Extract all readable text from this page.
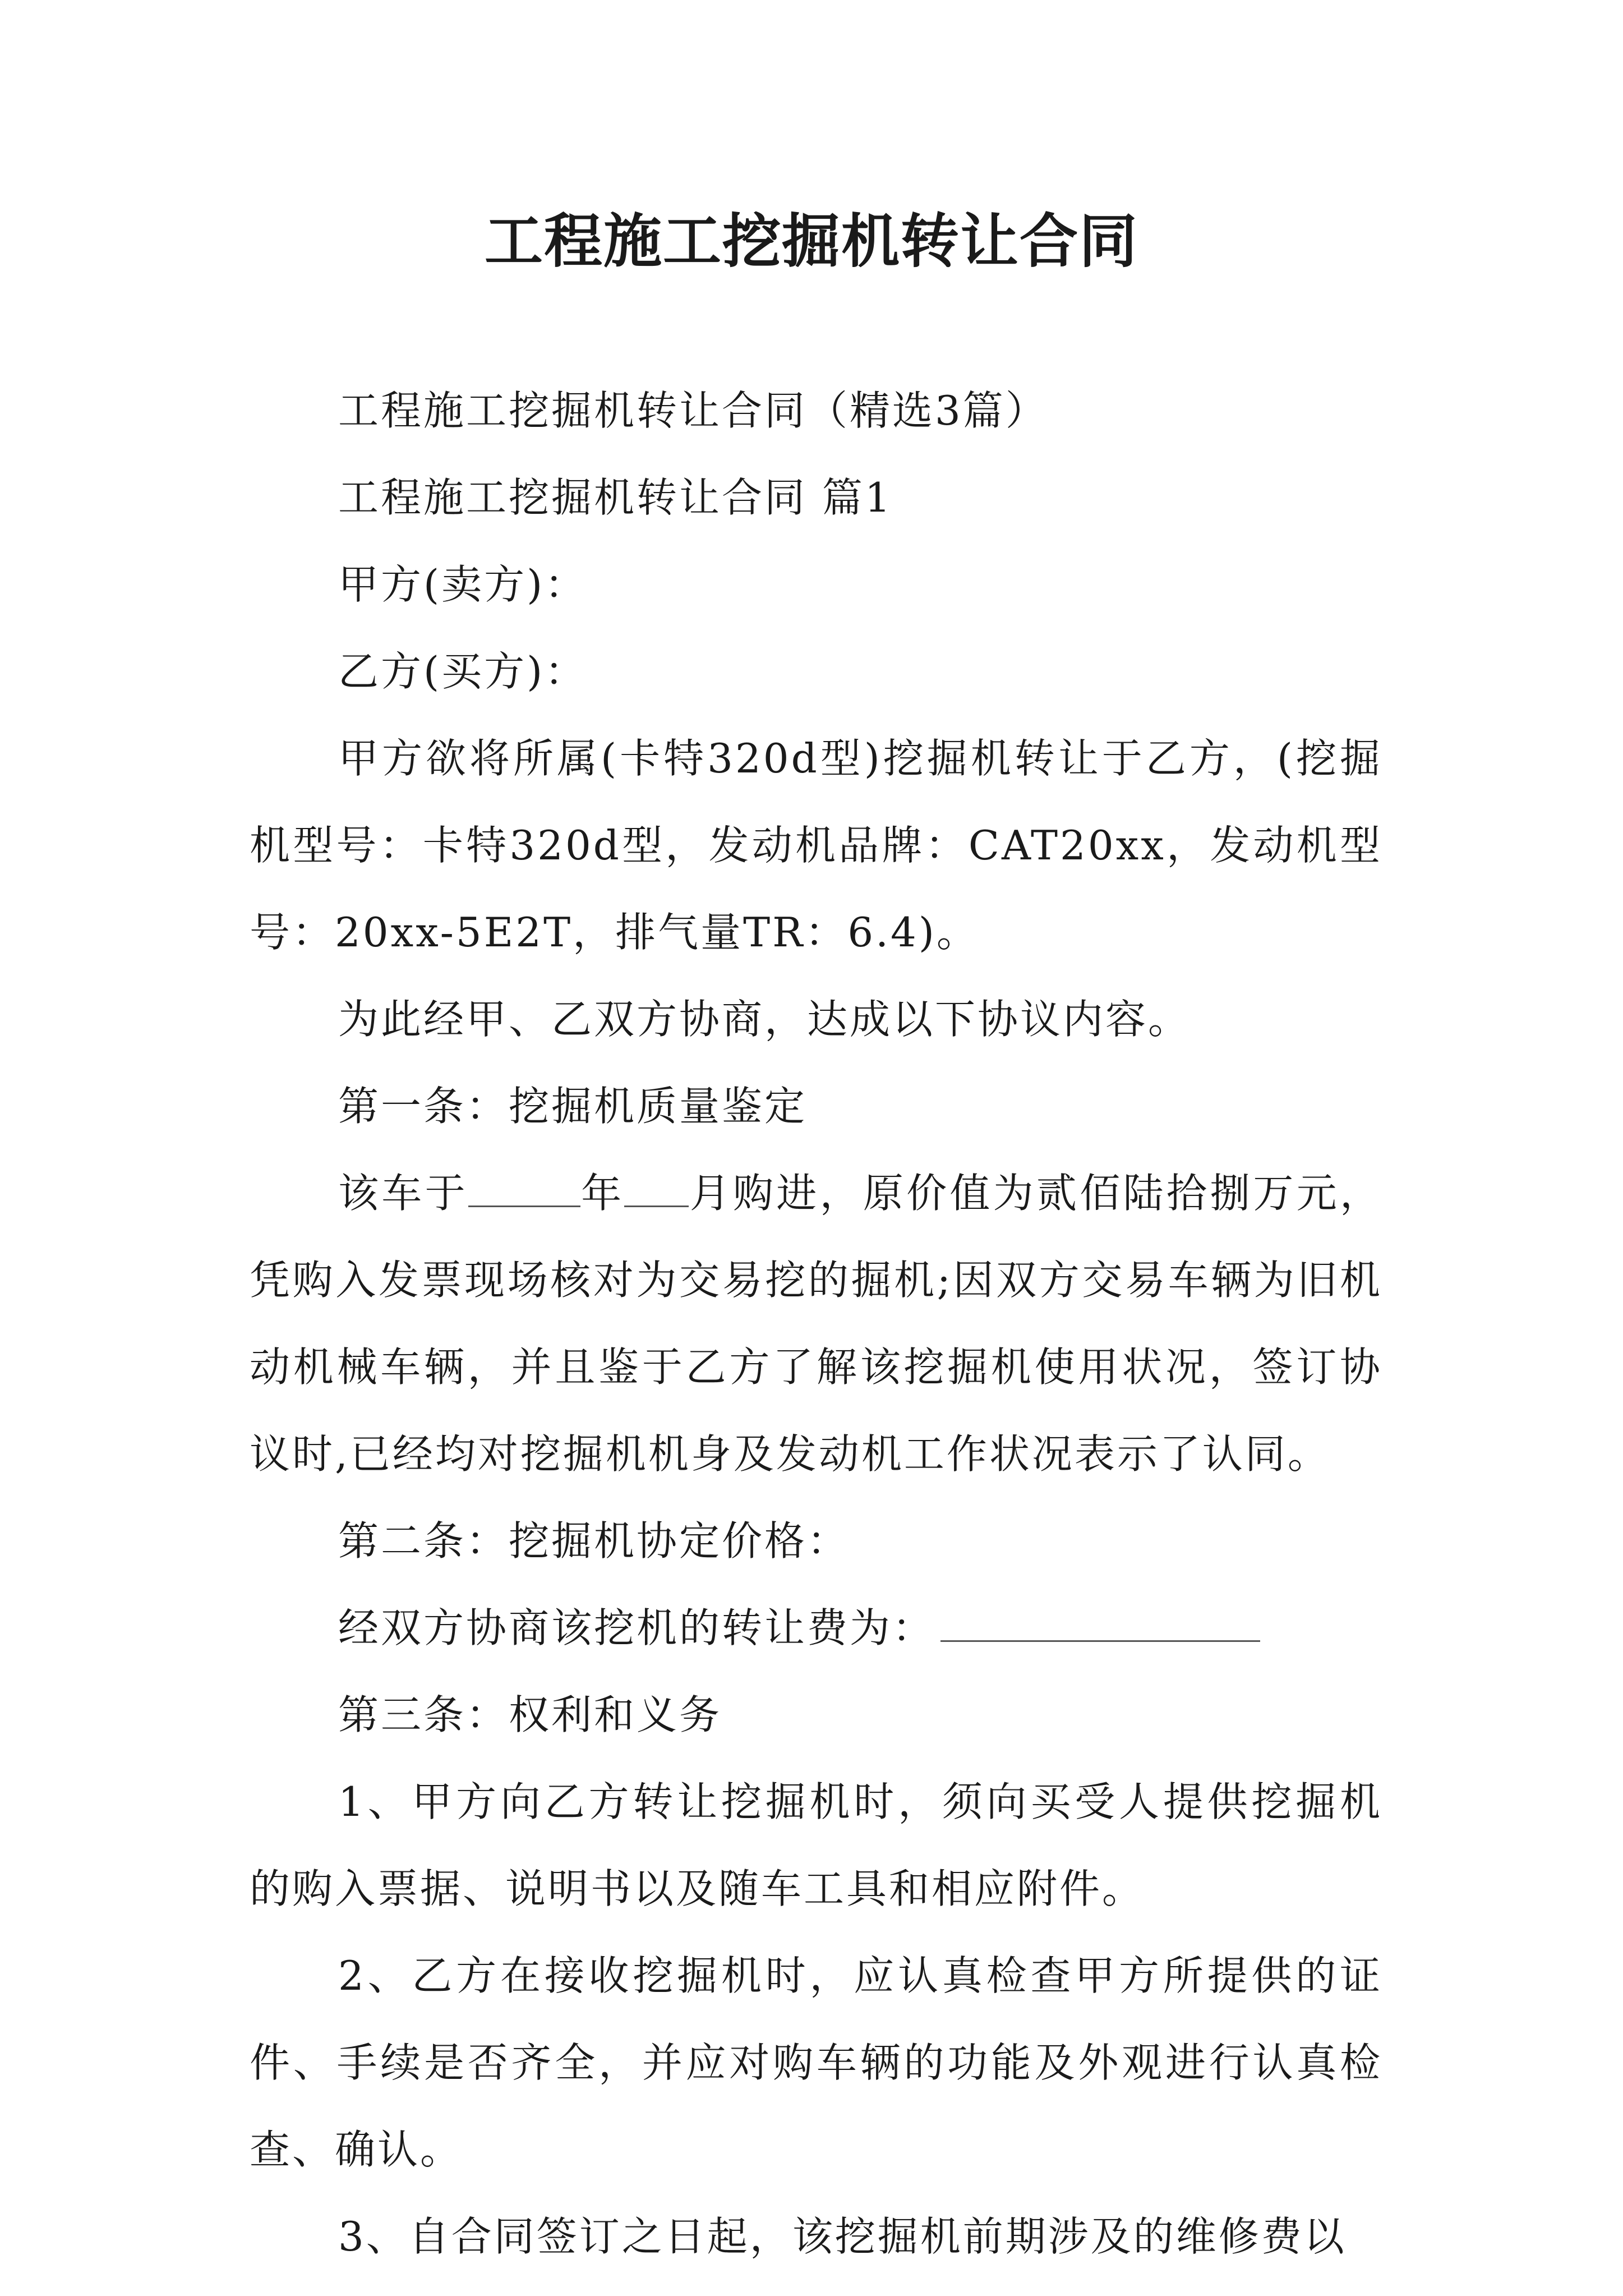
工程施工挖掘机转让合同

工程施工挖掘机转让合同（精选3篇）

工程施工挖掘机转让合同 篇1

甲方(卖方)：

乙方(买方)：

甲方欲将所属(卡特320d型)挖掘机转让于乙方，(挖掘机型号：卡特320d型，发动机品牌：CAT20xx，发动机型号：20xx-5E2T，排气量TR：6.4)。

为此经甲、乙双方协商，达成以下协议内容。

第一条：挖掘机质量鉴定

该车于	年 月购进，原价值为贰佰陆拾捌万元，凭购入发票现场核对为交易挖的掘机;因双方交易车辆为旧机动机械车辆，并且鉴于乙方了解该挖掘机使用状况，签订协议时,已经均对挖掘机机身及发动机工作状况表示了认同。

第二条：挖掘机协定价格：

经双方协商该挖机的转让费为：

第三条：权利和义务

1、甲方向乙方转让挖掘机时，须向买受人提供挖掘机的购入票据、说明书以及随车工具和相应附件。

2、乙方在接收挖掘机时，应认真检查甲方所提供的证件、手续是否齐全，并应对购车辆的功能及外观进行认真检查、确认。

3、自合同签订之日起，该挖掘机前期涉及的维修费以
